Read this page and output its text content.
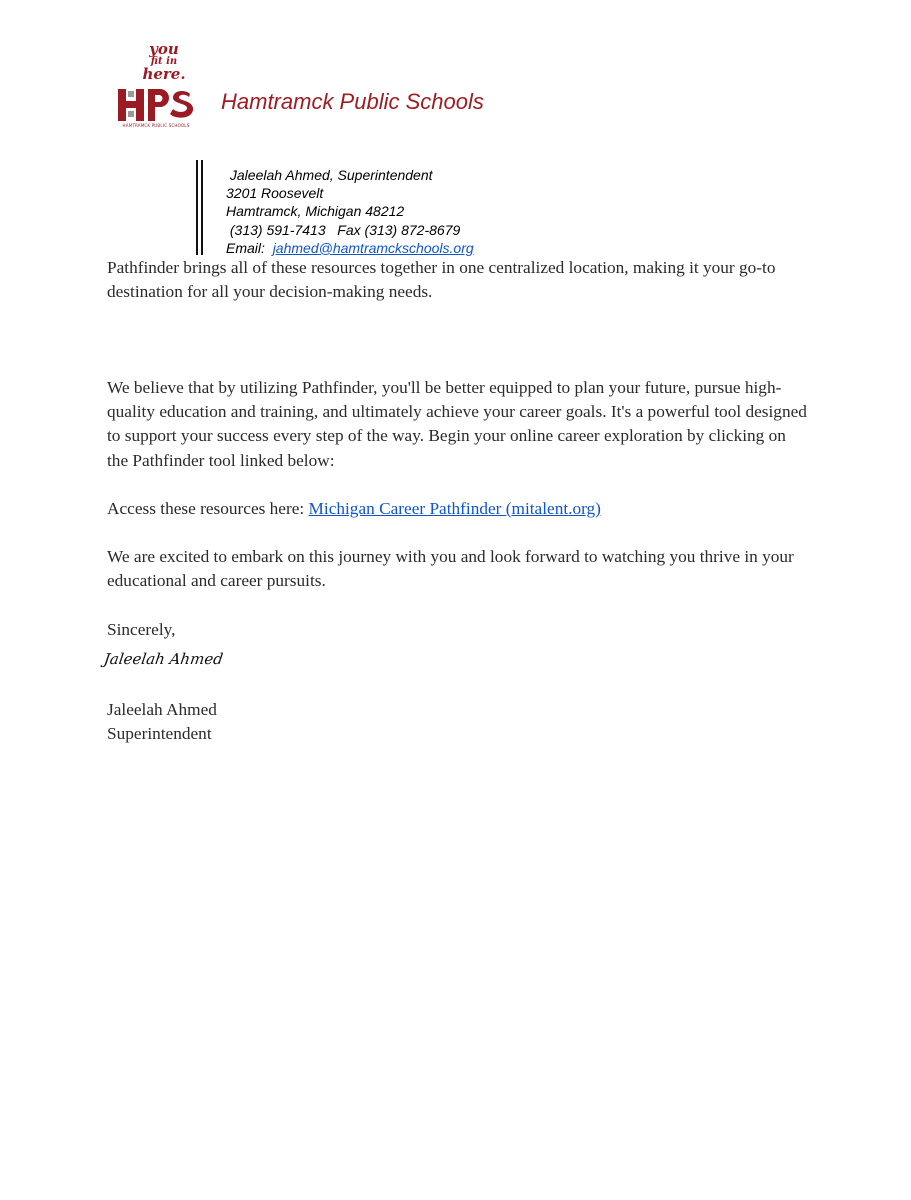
you
fit in
here.
HAMTRAMCK PUBLIC SCHOOLS
Hamtramck Public Schools
Jaleelah Ahmed, Superintendent
3201 Roosevelt
Hamtramck, Michigan 48212
(313) 591-7413   Fax (313) 872-8679
Email:  jahmed@hamtramckschools.org

Pathfinder brings all of these resources together in one centralized location, making it your go-to destination for all your decision-making needs.

We believe that by utilizing Pathfinder, you'll be better equipped to plan your future, pursue high-quality education and training, and ultimately achieve your career goals. It's a powerful tool designed to support your success every step of the way. Begin your online career exploration by clicking on the Pathfinder tool linked below:

Access these resources here: Michigan Career Pathfinder (mitalent.org)

We are excited to embark on this journey with you and look forward to watching you thrive in your educational and career pursuits.

Sincerely,

Jaleelah Ahmed

Jaleelah Ahmed

Superintendent
